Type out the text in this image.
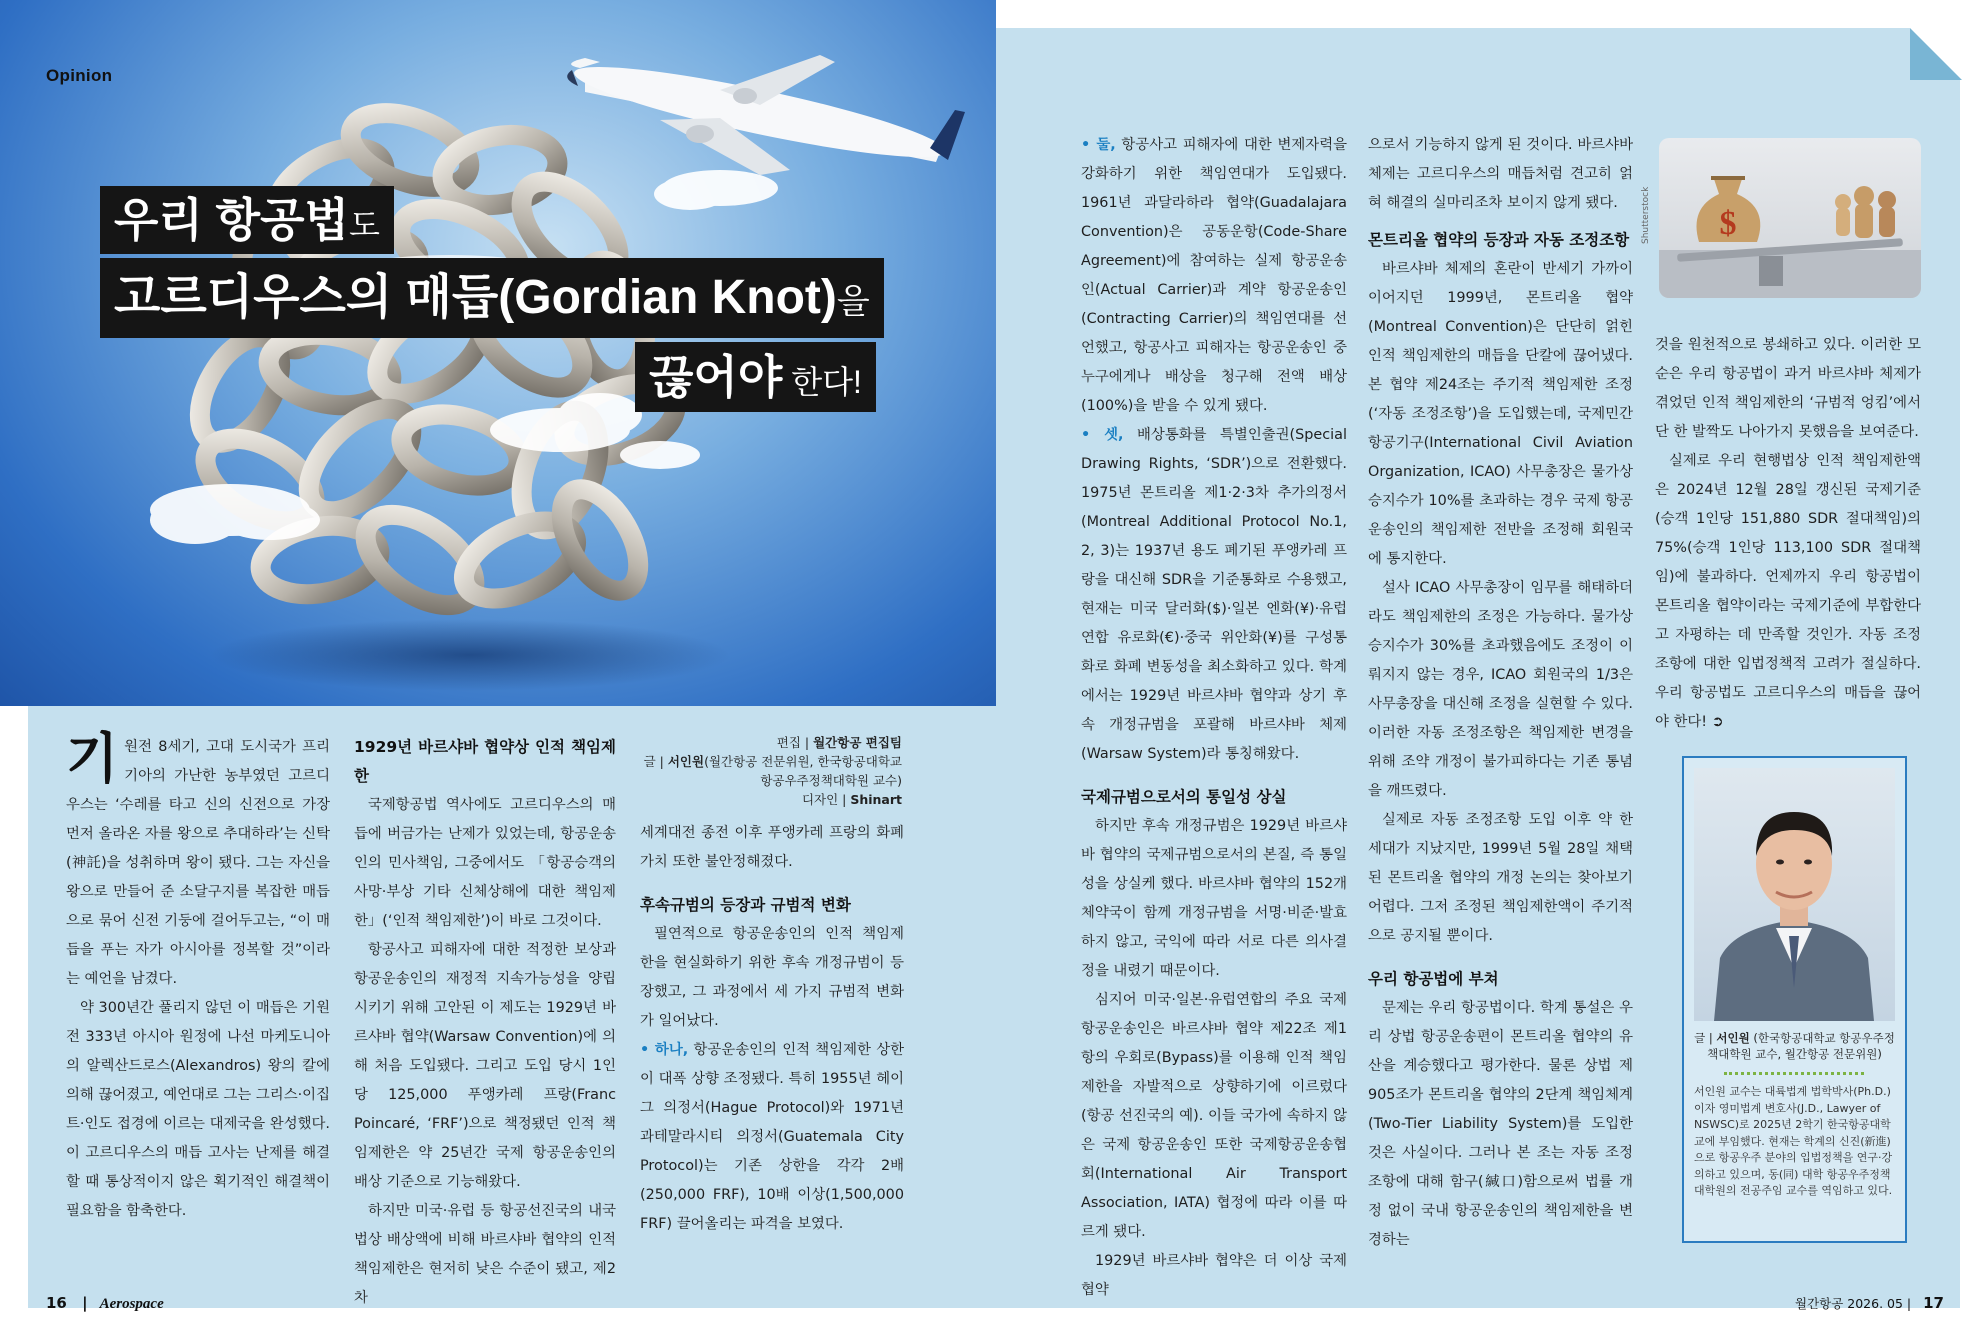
Opinion
우리 항공법도
고르디우스의 매듭(Gordian Knot)을
끊어야 한다!

기원전 8세기, 고대 도시국가 프리기아의 가난한 농부였던 고르디우스는 ‘수레를 타고 신의 신전으로 가장 먼저 올라온 자를 왕으로 추대하라’는 신탁(神託)을 성취하며 왕이 됐다. 그는 자신을 왕으로 만들어 준 소달구지를 복잡한 매듭으로 묶어 신전 기둥에 걸어두고는, “이 매듭을 푸는 자가 아시아를 정복할 것”이라는 예언을 남겼다.

약 300년간 풀리지 않던 이 매듭은 기원전 333년 아시아 원정에 나선 마케도니아의 알렉산드로스(Alexandros) 왕의 칼에 의해 끊어졌고, 예언대로 그는 그리스·이집트·인도 접경에 이르는 대제국을 완성했다. 이 고르디우스의 매듭 고사는 난제를 해결할 때 통상적이지 않은 획기적인 해결책이 필요함을 함축한다.

1929년 바르샤바 협약상 인적 책임제한

국제항공법 역사에도 고르디우스의 매듭에 버금가는 난제가 있었는데, 항공운송인의 민사책임, 그중에서도 「항공승객의 사망·부상 기타 신체상해에 대한 책임제한」(‘인적 책임제한’)이 바로 그것이다.

항공사고 피해자에 대한 적정한 보상과 항공운송인의 재정적 지속가능성을 양립시키기 위해 고안된 이 제도는 1929년 바르샤바 협약(Warsaw Convention)에 의해 처음 도입됐다. 그리고 도입 당시 1인당 125,000 푸앵카레 프랑(Franc Poincaré, ‘FRF’)으로 책정됐던 인적 책임제한은 약 25년간 국제 항공운송인의 배상 기준으로 기능해왔다.

하지만 미국·유럽 등 항공선진국의 내국법상 배상액에 비해 바르샤바 협약의 인적 책임제한은 현저히 낮은 수준이 됐고, 제2차

편집 | 월간항공 편집팀
글 | 서인원(월간항공 전문위원, 한국항공대학교
항공우주정책대학원 교수)
디자인 | Shinart

세계대전 종전 이후 푸앵카레 프랑의 화폐가치 또한 불안정해졌다.

후속규범의 등장과 규범적 변화

필연적으로 항공운송인의 인적 책임제한을 현실화하기 위한 후속 개정규범이 등장했고, 그 과정에서 세 가지 규범적 변화가 일어났다.

• 하나, 항공운송인의 인적 책임제한 상한이 대폭 상향 조정됐다. 특히 1955년 헤이그 의정서(Hague Protocol)와 1971년 과테말라시티 의정서(Guatemala City Protocol)는 기존 상한을 각각 2배(250,000 FRF), 10배 이상(1,500,000 FRF) 끌어올리는 파격을 보였다.

• 둘, 항공사고 피해자에 대한 변제자력을 강화하기 위한 책임연대가 도입됐다. 1961년 과달라하라 협약(Guadalajara Convention)은 공동운항(Code-Share Agreement)에 참여하는 실제 항공운송인(Actual Carrier)과 계약 항공운송인(Contracting Carrier)의 책임연대를 선언했고, 항공사고 피해자는 항공운송인 중 누구에게나 배상을 청구해 전액 배상(100%)을 받을 수 있게 됐다.

• 셋, 배상통화를 특별인출권(Special Drawing Rights, ‘SDR’)으로 전환했다. 1975년 몬트리올 제1·2·3차 추가의정서(Montreal Additional Protocol No.1, 2, 3)는 1937년 용도 폐기된 푸앵카레 프랑을 대신해 SDR을 기준통화로 수용했고, 현재는 미국 달러화($)·일본 엔화(¥)·유럽연합 유로화(€)·중국 위안화(¥)를 구성통화로 화폐 변동성을 최소화하고 있다. 학계에서는 1929년 바르샤바 협약과 상기 후속 개정규범을 포괄해 바르샤바 체제(Warsaw System)라 통칭해왔다.

국제규범으로서의 통일성 상실

하지만 후속 개정규범은 1929년 바르샤바 협약의 국제규범으로서의 본질, 즉 통일성을 상실케 했다. 바르샤바 협약의 152개 체약국이 함께 개정규범을 서명·비준·발효하지 않고, 국익에 따라 서로 다른 의사결정을 내렸기 때문이다.

심지어 미국·일본·유럽연합의 주요 국제항공운송인은 바르샤바 협약 제22조 제1항의 우회로(Bypass)를 이용해 인적 책임제한을 자발적으로 상향하기에 이르렀다(항공 선진국의 예). 이들 국가에 속하지 않은 국제 항공운송인 또한 국제항공운송협회(International Air Transport Association, IATA) 협정에 따라 이를 따르게 됐다.

1929년 바르샤바 협약은 더 이상 국제협약

으로서 기능하지 않게 된 것이다. 바르샤바 체제는 고르디우스의 매듭처럼 견고히 얽혀 해결의 실마리조차 보이지 않게 됐다.

몬트리올 협약의 등장과 자동 조정조항

바르샤바 체제의 혼란이 반세기 가까이 이어지던 1999년, 몬트리올 협약(Montreal Convention)은 단단히 얽힌 인적 책임제한의 매듭을 단칼에 끊어냈다. 본 협약 제24조는 주기적 책임제한 조정(‘자동 조정조항’)을 도입했는데, 국제민간항공기구(International Civil Aviation Organization, ICAO) 사무총장은 물가상승지수가 10%를 초과하는 경우 국제 항공운송인의 책임제한 전반을 조정해 회원국에 통지한다.

설사 ICAO 사무총장이 임무를 해태하더라도 책임제한의 조정은 가능하다. 물가상승지수가 30%를 초과했음에도 조정이 이뤄지지 않는 경우, ICAO 회원국의 1/3은 사무총장을 대신해 조정을 실현할 수 있다. 이러한 자동 조정조항은 책임제한 변경을 위해 조약 개정이 불가피하다는 기존 통념을 깨뜨렸다.

실제로 자동 조정조항 도입 이후 약 한 세대가 지났지만, 1999년 5월 28일 채택된 몬트리올 협약의 개정 논의는 찾아보기 어렵다. 그저 조정된 책임제한액이 주기적으로 공지될 뿐이다.

우리 항공법에 부쳐

문제는 우리 항공법이다. 학계 통설은 우리 상법 항공운송편이 몬트리올 협약의 유산을 계승했다고 평가한다. 물론 상법 제905조가 몬트리올 협약의 2단계 책임체계(Two-Tier Liability System)를 도입한 것은 사실이다. 그러나 본 조는 자동 조정조항에 대해 함구(緘口)함으로써 법률 개정 없이 국내 항공운송인의 책임제한을 변경하는

$
Shutterstock

것을 원천적으로 봉쇄하고 있다. 이러한 모순은 우리 항공법이 과거 바르샤바 체제가 겪었던 인적 책임제한의 ‘규범적 엉킴’에서 단 한 발짝도 나아가지 못했음을 보여준다.

실제로 우리 현행법상 인적 책임제한액은 2024년 12월 28일 갱신된 국제기준(승객 1인당 151,880 SDR 절대책임)의 75%(승객 1인당 113,100 SDR 절대책임)에 불과하다. 언제까지 우리 항공법이 몬트리올 협약이라는 국제기준에 부합한다고 자평하는 데 만족할 것인가. 자동 조정조항에 대한 입법정책적 고려가 절실하다. 우리 항공법도 고르디우스의 매듭을 끊어야 한다! ➲

글 | 서인원 (한국항공대학교 항공우주정책대학원 교수, 월간항공 전문위원)
서인원 교수는 대륙법계 법학박사(Ph.D.)이자 영미법계 변호사(J.D., Lawyer of NSWSC)로 2025년 2학기 한국항공대학교에 부임했다. 현재는 학계의 신진(新進)으로 항공우주 분야의 입법정책을 연구·강의하고 있으며, 동(同) 대학 항공우주정책대학원의 전공주임 교수를 역임하고 있다.
16 | Aerospace	월간항공 2026. 05 | 17
